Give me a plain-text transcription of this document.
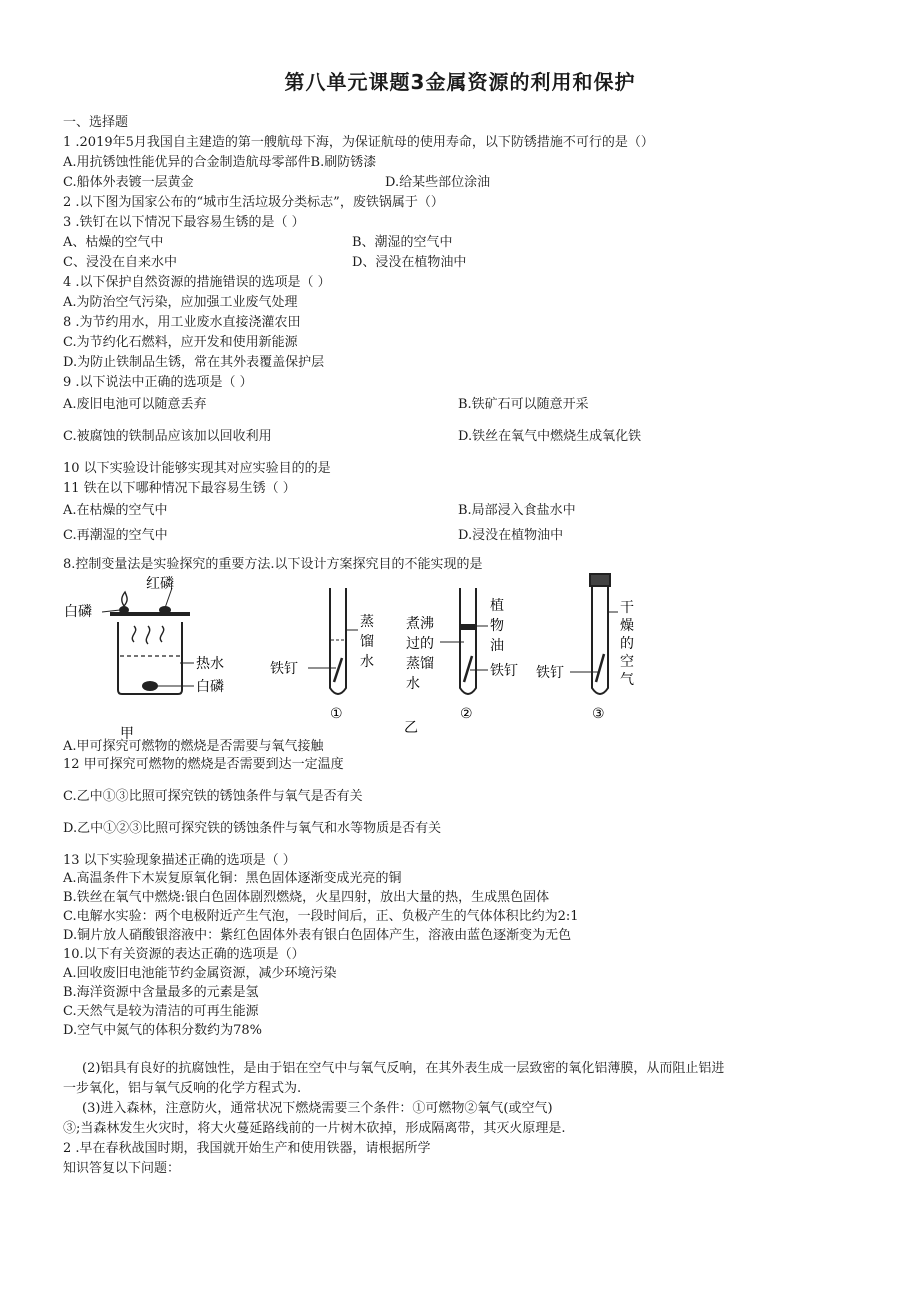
第八单元课题3金属资源的利用和保护
一、选择题
1 .2019年5月我国自主建造的第一艘航母下海，为保证航母的使用寿命，以下防锈措施不可行的是（）
A.用抗锈蚀性能优异的合金制造航母零部件B.刷防锈漆
C.船体外表镀一层黄金	D.给某些部位涂油
2 .以下图为国家公布的“城市生活垃圾分类标志”，废铁锅属于（）
3 .铁钉在以下情况下最容易生锈的是（ ）
A、枯燥的空气中	B、潮湿的空气中
C、浸没在自来水中	D、浸没在植物油中
4 .以下保护自然资源的措施错误的选项是（ ）
A.为防治空气污染，应加强工业废气处理
8 .为节约用水，用工业废水直接浇灌农田
C.为节约化石燃料，应开发和使用新能源
D.为防止铁制品生锈，常在其外表覆盖保护层
9 .以下说法中正确的选项是（ ）
A.废旧电池可以随意丢弃	B.铁矿石可以随意开采
C.被腐蚀的铁制品应该加以回收利用	D.铁丝在氧气中燃烧生成氧化铁
10 以下实验设计能够实现其对应实验目的的是
11 铁在以下哪种情况下最容易生锈（ ）
A.在枯燥的空气中	B.局部浸入食盐水中
C.再潮湿的空气中	D.浸没在植物油中
8.控制变量法是实验探究的重要方法.以下设计方案探究目的不能实现的是
红磷
白磷
热水
白磷
甲
铁钉
蒸馏水
①
煮沸
过的
蒸馏
水
植物油
铁钉
乙
②
铁钉
干燥的空气
③
A.甲可探究可燃物的燃烧是否需要与氧气接触
12 甲可探究可燃物的燃烧是否需要到达一定温度
C.乙中①③比照可探究铁的锈蚀条件与氧气是否有关
D.乙中①②③比照可探究铁的锈蚀条件与氧气和水等物质是否有关
13 以下实验现象描述正确的选项是（ ）
A.高温条件下木炭复原氧化铜：黑色固体逐渐变成光亮的铜
B.铁丝在氧气中燃烧:银白色固体剧烈燃烧，火星四射，放出大量的热，生成黑色固体
C.电解水实验：两个电极附近产生气泡，一段时间后，正、负极产生的气体体积比约为2:1
D.铜片放人硝酸银溶液中：紫红色固体外表有银白色固体产生，溶液由蓝色逐渐变为无色
10.以下有关资源的表达正确的选项是（）
A.回收废旧电池能节约金属资源，减少环境污染
B.海洋资源中含量最多的元素是氢
C.天然气是较为清洁的可再生能源
D.空气中氮气的体积分数约为78%
(2)铝具有良好的抗腐蚀性，是由于铝在空气中与氧气反响，在其外表生成一层致密的氧化铝薄膜，从而阻止铝进
一步氧化，铝与氧气反响的化学方程式为.
(3)进入森林，注意防火，通常状况下燃烧需要三个条件：①可燃物②氧气(或空气)
③;当森林发生火灾时，将大火蔓延路线前的一片树木砍掉，形成隔离带，其灭火原理是.
2 .早在春秋战国时期，我国就开始生产和使用铁器，请根据所学
知识答复以下问题：
